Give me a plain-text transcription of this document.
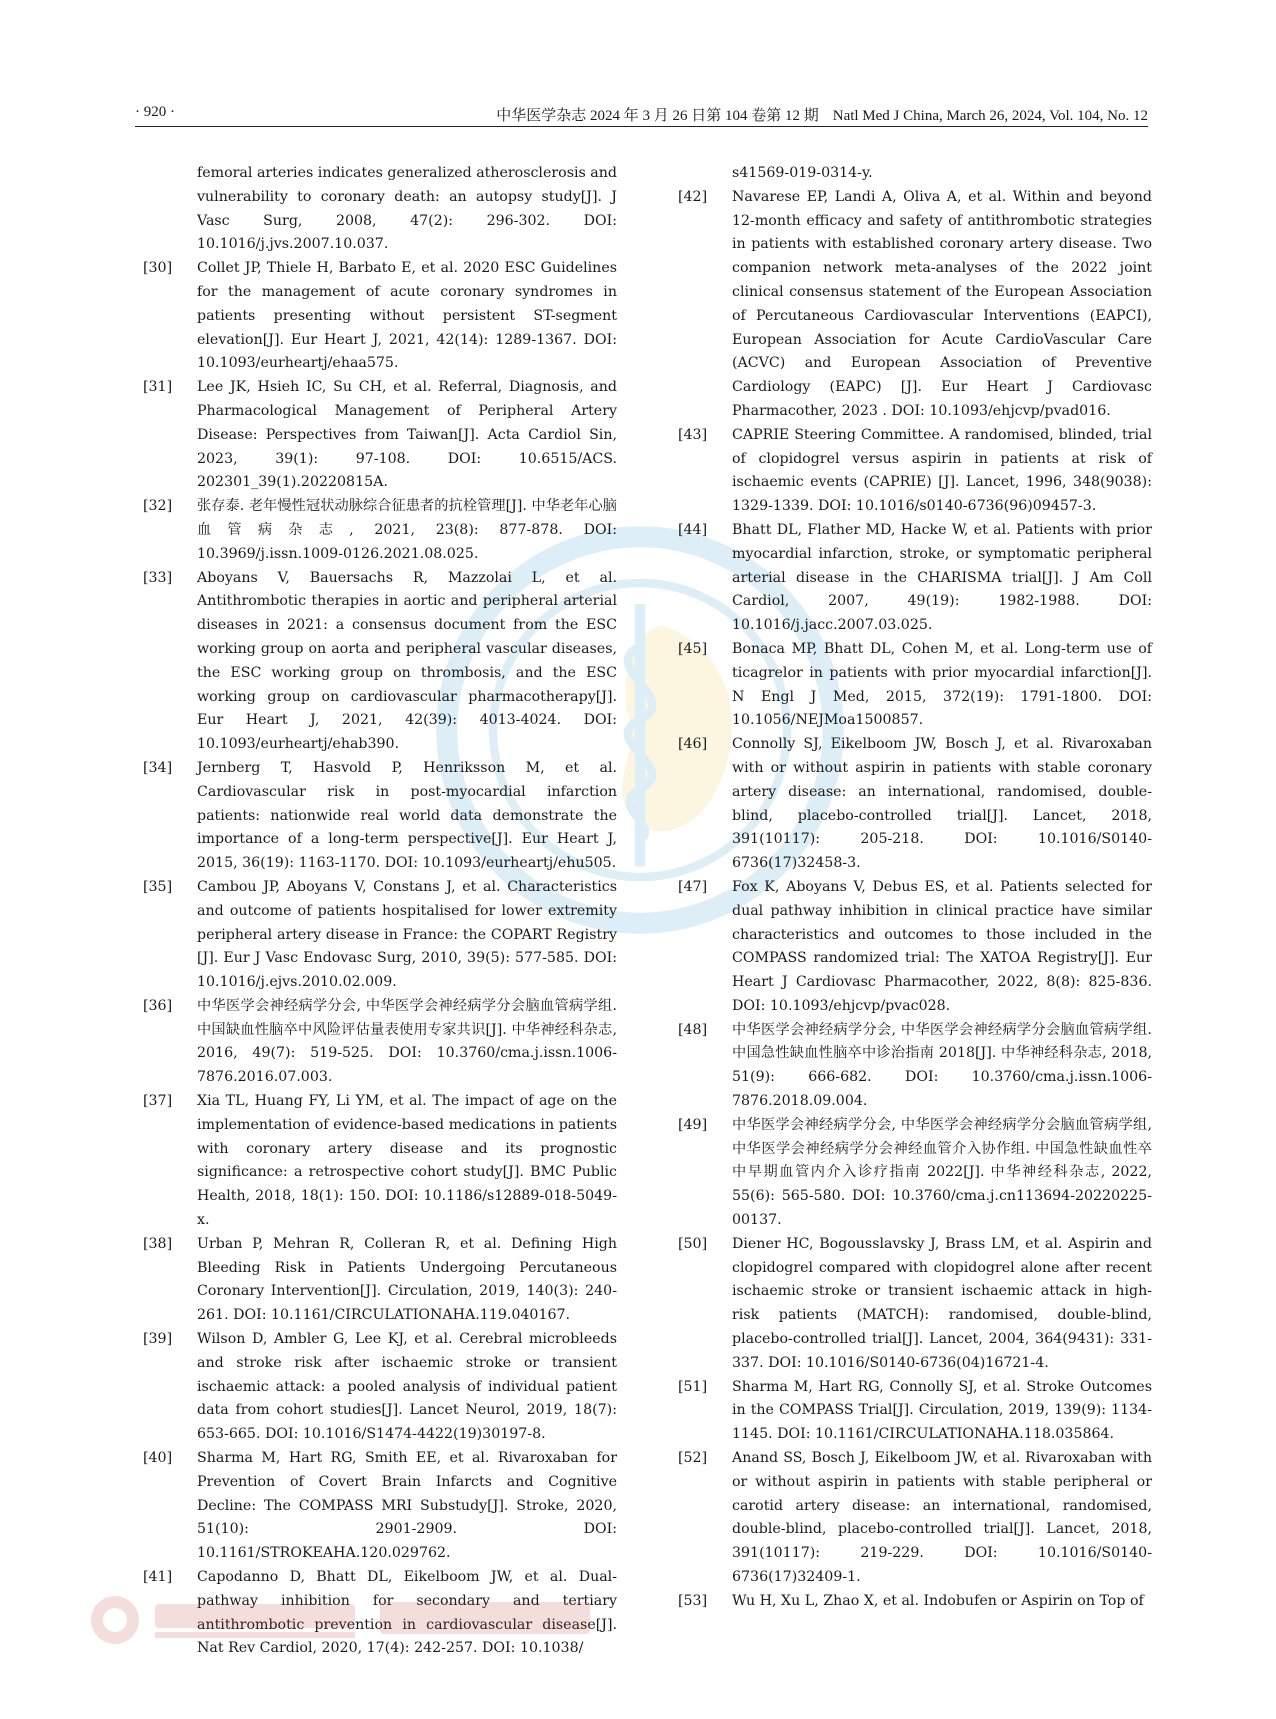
· 920 ·	中华医学杂志 2024 年 3 月 26 日第 104 卷第 12 期 Natl Med J China, March 26, 2024, Vol. 104, No. 12
femoral arteries indicates generalized atherosclerosis and vulnerability to coronary death: an autopsy study[J]. J Vasc Surg, 2008, 47(2): 296-302. DOI: 10.1016/j.jvs.2007.10.037.
[30]	Collet JP, Thiele H, Barbato E, et al. 2020 ESC Guidelines for the management of acute coronary syndromes in patients presenting without persistent ST-segment elevation[J]. Eur Heart J, 2021, 42(14): 1289-1367. DOI: 10.1093/eurheartj/ehaa575.
[31]	Lee JK, Hsieh IC, Su CH, et al. Referral, Diagnosis, and Pharmacological Management of Peripheral Artery Disease: Perspectives from Taiwan[J]. Acta Cardiol Sin, 2023, 39(1): 97-108. DOI: 10.6515/ACS. 202301_39(1).20220815A.
[32]	张存泰. 老年慢性冠状动脉综合征患者的抗栓管理[J]. 中华老年心脑血管病杂志, 2021, 23(8): 877-878. DOI: 10.3969/j.issn.1009-0126.2021.08.025.
[33]	Aboyans V, Bauersachs R, Mazzolai L, et al. Antithrombotic therapies in aortic and peripheral arterial diseases in 2021: a consensus document from the ESC working group on aorta and peripheral vascular diseases, the ESC working group on thrombosis, and the ESC working group on cardiovascular pharmacotherapy[J]. Eur Heart J, 2021, 42(39): 4013-4024. DOI: 10.1093/eurheartj/ehab390.
[34]	Jernberg T, Hasvold P, Henriksson M, et al. Cardiovascular risk in post-myocardial infarction patients: nationwide real world data demonstrate the importance of a long-term perspective[J]. Eur Heart J, 2015, 36(19): 1163-1170. DOI: 10.1093/eurheartj/ehu505.
[35]	Cambou JP, Aboyans V, Constans J, et al. Characteristics and outcome of patients hospitalised for lower extremity peripheral artery disease in France: the COPART Registry [J]. Eur J Vasc Endovasc Surg, 2010, 39(5): 577-585. DOI: 10.1016/j.ejvs.2010.02.009.
[36]	中华医学会神经病学分会, 中华医学会神经病学分会脑血管病学组. 中国缺血性脑卒中风险评估量表使用专家共识[J]. 中华神经科杂志, 2016, 49(7): 519-525. DOI: 10.3760/cma.j.issn.1006-7876.2016.07.003.
[37]	Xia TL, Huang FY, Li YM, et al. The impact of age on the implementation of evidence-based medications in patients with coronary artery disease and its prognostic significance: a retrospective cohort study[J]. BMC Public Health, 2018, 18(1): 150. DOI: 10.1186/s12889-018-5049-x.
[38]	Urban P, Mehran R, Colleran R, et al. Defining High Bleeding Risk in Patients Undergoing Percutaneous Coronary Intervention[J]. Circulation, 2019, 140(3): 240-261. DOI: 10.1161/CIRCULATIONAHA.119.040167.
[39]	Wilson D, Ambler G, Lee KJ, et al. Cerebral microbleeds and stroke risk after ischaemic stroke or transient ischaemic attack: a pooled analysis of individual patient data from cohort studies[J]. Lancet Neurol, 2019, 18(7): 653-665. DOI: 10.1016/S1474-4422(19)30197-8.
[40]	Sharma M, Hart RG, Smith EE, et al. Rivaroxaban for Prevention of Covert Brain Infarcts and Cognitive Decline: The COMPASS MRI Substudy[J]. Stroke, 2020, 51(10): 2901-2909. DOI: 10.1161/STROKEAHA.120.029762.
[41]	Capodanno D, Bhatt DL, Eikelboom JW, et al. Dual-pathway inhibition for secondary and tertiary antithrombotic prevention in cardiovascular disease[J]. Nat Rev Cardiol, 2020, 17(4): 242-257. DOI: 10.1038/
s41569-019-0314-y.
[42]	Navarese EP, Landi A, Oliva A, et al. Within and beyond 12-month efficacy and safety of antithrombotic strategies in patients with established coronary artery disease. Two companion network meta-analyses of the 2022 joint clinical consensus statement of the European Association of Percutaneous Cardiovascular Interventions (EAPCI), European Association for Acute CardioVascular Care (ACVC) and European Association of Preventive Cardiology (EAPC) [J]. Eur Heart J Cardiovasc Pharmacother, 2023 . DOI: 10.1093/ehjcvp/pvad016.
[43]	CAPRIE Steering Committee. A randomised, blinded, trial of clopidogrel versus aspirin in patients at risk of ischaemic events (CAPRIE) [J]. Lancet, 1996, 348(9038): 1329-1339. DOI: 10.1016/s0140-6736(96)09457-3.
[44]	Bhatt DL, Flather MD, Hacke W, et al. Patients with prior myocardial infarction, stroke, or symptomatic peripheral arterial disease in the CHARISMA trial[J]. J Am Coll Cardiol, 2007, 49(19): 1982-1988. DOI: 10.1016/j.jacc.2007.03.025.
[45]	Bonaca MP, Bhatt DL, Cohen M, et al. Long-term use of ticagrelor in patients with prior myocardial infarction[J]. N Engl J Med, 2015, 372(19): 1791-1800. DOI: 10.1056/NEJMoa1500857.
[46]	Connolly SJ, Eikelboom JW, Bosch J, et al. Rivaroxaban with or without aspirin in patients with stable coronary artery disease: an international, randomised, double-blind, placebo-controlled trial[J]. Lancet, 2018, 391(10117): 205-218. DOI: 10.1016/S0140-6736(17)32458-3.
[47]	Fox K, Aboyans V, Debus ES, et al. Patients selected for dual pathway inhibition in clinical practice have similar characteristics and outcomes to those included in the COMPASS randomized trial: The XATOA Registry[J]. Eur Heart J Cardiovasc Pharmacother, 2022, 8(8): 825-836. DOI: 10.1093/ehjcvp/pvac028.
[48]	中华医学会神经病学分会, 中华医学会神经病学分会脑血管病学组. 中国急性缺血性脑卒中诊治指南 2018[J]. 中华神经科杂志, 2018, 51(9): 666-682. DOI: 10.3760/cma.j.issn.1006-7876.2018.09.004.
[49]	中华医学会神经病学分会, 中华医学会神经病学分会脑血管病学组, 中华医学会神经病学分会神经血管介入协作组. 中国急性缺血性卒中早期血管内介入诊疗指南 2022[J]. 中华神经科杂志, 2022, 55(6): 565-580. DOI: 10.3760/cma.j.cn113694-20220225-00137.
[50]	Diener HC, Bogousslavsky J, Brass LM, et al. Aspirin and clopidogrel compared with clopidogrel alone after recent ischaemic stroke or transient ischaemic attack in high-risk patients (MATCH): randomised, double-blind, placebo-controlled trial[J]. Lancet, 2004, 364(9431): 331-337. DOI: 10.1016/S0140-6736(04)16721-4.
[51]	Sharma M, Hart RG, Connolly SJ, et al. Stroke Outcomes in the COMPASS Trial[J]. Circulation, 2019, 139(9): 1134-1145. DOI: 10.1161/CIRCULATIONAHA.118.035864.
[52]	Anand SS, Bosch J, Eikelboom JW, et al. Rivaroxaban with or without aspirin in patients with stable peripheral or carotid artery disease: an international, randomised, double-blind, placebo-controlled trial[J]. Lancet, 2018, 391(10117): 219-229. DOI: 10.1016/S0140-6736(17)32409-1.
[53]	Wu H, Xu L, Zhao X, et al. Indobufen or Aspirin on Top of
